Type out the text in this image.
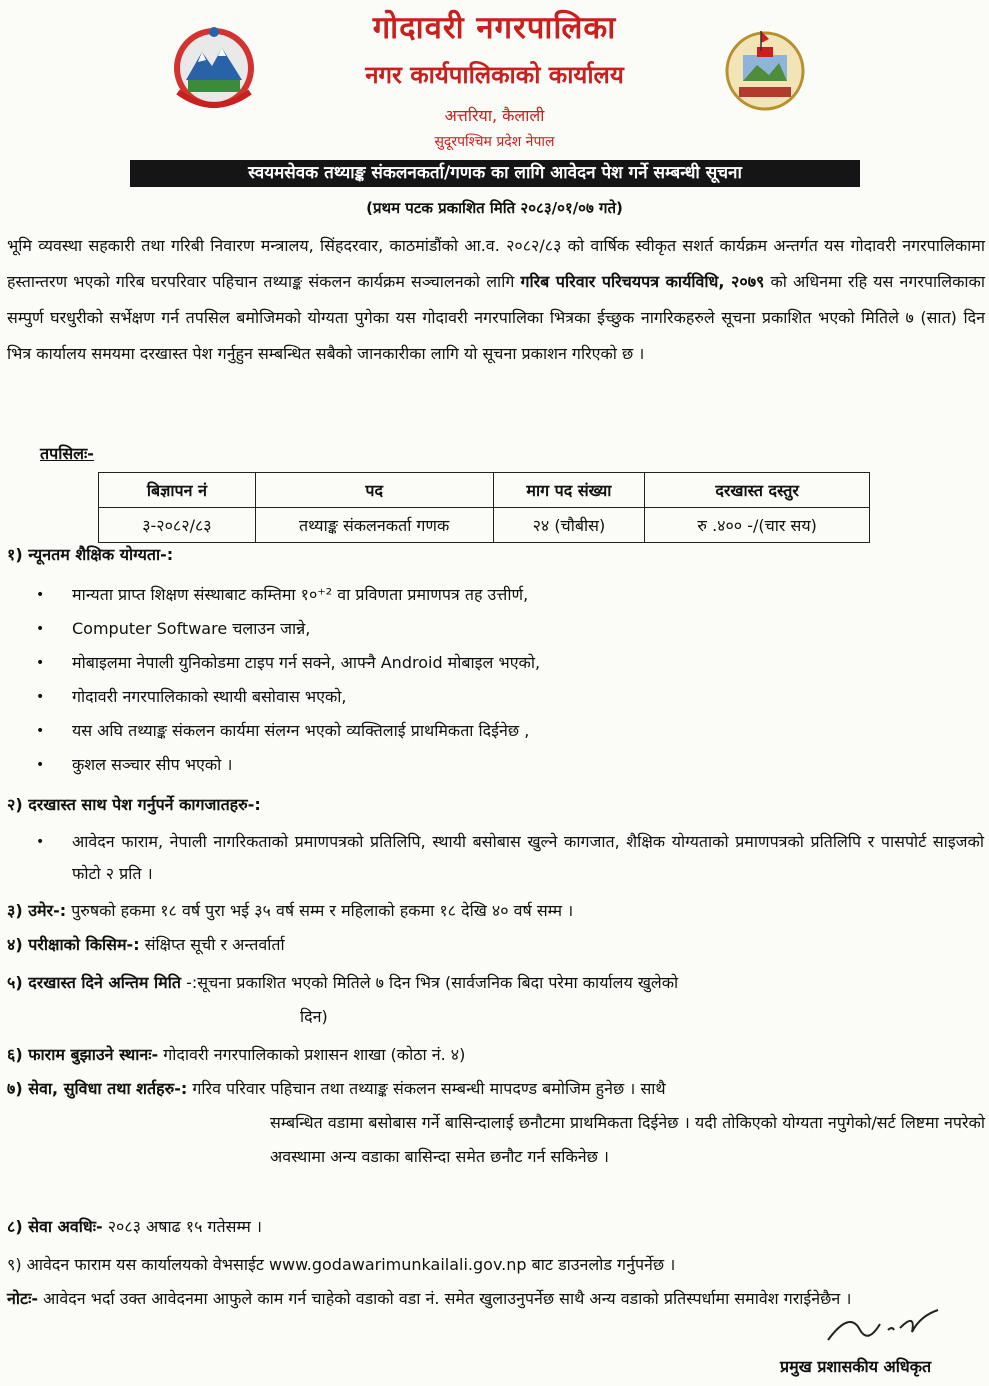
गोदावरी नगरपालिका
नगर कार्यपालिकाको कार्यालय
अत्तरिया, कैलाली
सुदूरपश्चिम प्रदेश नेपाल
स्वयमसेवक तथ्याङ्क संकलनकर्ता/गणक का लागि आवेदन पेश गर्ने सम्बन्धी सूचना
(प्रथम पटक प्रकाशित मिति २०८३/०१/०७ गते)
भूमि व्यवस्था सहकारी तथा गरिबी निवारण मन्त्रालय, सिंहदरवार, काठमांडौंको आ.व. २०८२/८३ को वार्षिक स्वीकृत सशर्त कार्यक्रम अन्तर्गत यस गोदावरी नगरपालिकामा हस्तान्तरण भएको गरिब घरपरिवार पहिचान तथ्याङ्क संकलन कार्यक्रम सञ्चालनको लागि गरिब परिवार परिचयपत्र कार्यविधि, २०७९ को अधिनमा रहि यस नगरपालिकाका सम्पुर्ण घरधुरीको सर्भेक्षण गर्न तपसिल बमोजिमको योग्यता पुगेका यस गोदावरी नगरपालिका भित्रका ईच्छुक नागरिकहरुले सूचना प्रकाशित भएको मितिले ७ (सात) दिन भित्र कार्यालय समयमा दरखास्त पेश गर्नुहुन सम्बन्धित सबैको जानकारीका लागि यो सूचना प्रकाशन गरिएको छ ।
तपसिलः-
बिज्ञापन नं	पद	माग पद संख्या	दरखास्त दस्तुर
३-२०८२/८३	तथ्याङ्क संकलनकर्ता गणक	२४ (चौबीस)	रु .४०० -/(चार सय)
१) न्यूनतम शैक्षिक योग्यता-:
• मान्यता प्राप्त शिक्षण संस्थाबाट कम्तिमा १०⁺² वा प्रविणता प्रमाणपत्र तह उत्तीर्ण,
• Computer Software चलाउन जान्ने,
• मोबाइलमा नेपाली युनिकोडमा टाइप गर्न सक्ने, आफ्नै Android मोबाइल भएको,
• गोदावरी नगरपालिकाको स्थायी बसोवास भएको,
• यस अघि तथ्याङ्क संकलन कार्यमा संलग्न भएको व्यक्तिलाई प्राथमिकता दिईनेछ ,
• कुशल सञ्चार सीप भएको ।
२) दरखास्त साथ पेश गर्नुपर्ने कागजातहरु-:
• आवेदन फाराम, नेपाली नागरिकताको प्रमाणपत्रको प्रतिलिपि, स्थायी बसोबास खुल्ने कागजात, शैक्षिक योग्यताको प्रमाणपत्रको प्रतिलिपि र पासपोर्ट साइजको फोटो २ प्रति ।
३) उमेर-: पुरुषको हकमा १८ वर्ष पुरा भई ३५ वर्ष सम्म र महिलाको हकमा १८ देखि ४० वर्ष सम्म ।
४) परीक्षाको किसिम-: संक्षिप्त सूची र अन्तर्वार्ता
५) दरखास्त दिने अन्तिम मिति -:सूचना प्रकाशित भएको मितिले ७ दिन भित्र (सार्वजनिक बिदा परेमा कार्यालय खुलेको
दिन)
६) फाराम बुझाउने स्थानः- गोदावरी नगरपालिकाको प्रशासन शाखा (कोठा नं. ४)
७) सेवा, सुविधा तथा शर्तहरु-: गरिव परिवार पहिचान तथा तथ्याङ्क संकलन सम्बन्धी मापदण्ड बमोजिम हुनेछ । साथै
सम्बन्धित वडामा बसोबास गर्ने बासिन्दालाई छनौटमा प्राथमिकता दिईनेछ । यदी तोकिएको योग्यता नपुगेको/सर्ट लिष्टमा नपरेको अवस्थामा अन्य वडाका बासिन्दा समेत छनौट गर्न सकिनेछ ।
८) सेवा अवधिः- २०८३ अषाढ १५ गतेसम्म ।
९) आवेदन फाराम यस कार्यालयको वेभसाईट www.godawarimunkailali.gov.np बाट डाउनलोड गर्नुपर्नेछ ।
नोटः- आवेदन भर्दा उक्त आवेदनमा आफुले काम गर्न चाहेको वडाको वडा नं. समेत खुलाउनुपर्नेछ साथै अन्य वडाको प्रतिस्पर्धामा समावेश गराईनेछैन ।
प्रमुख प्रशासकीय अधिकृत
